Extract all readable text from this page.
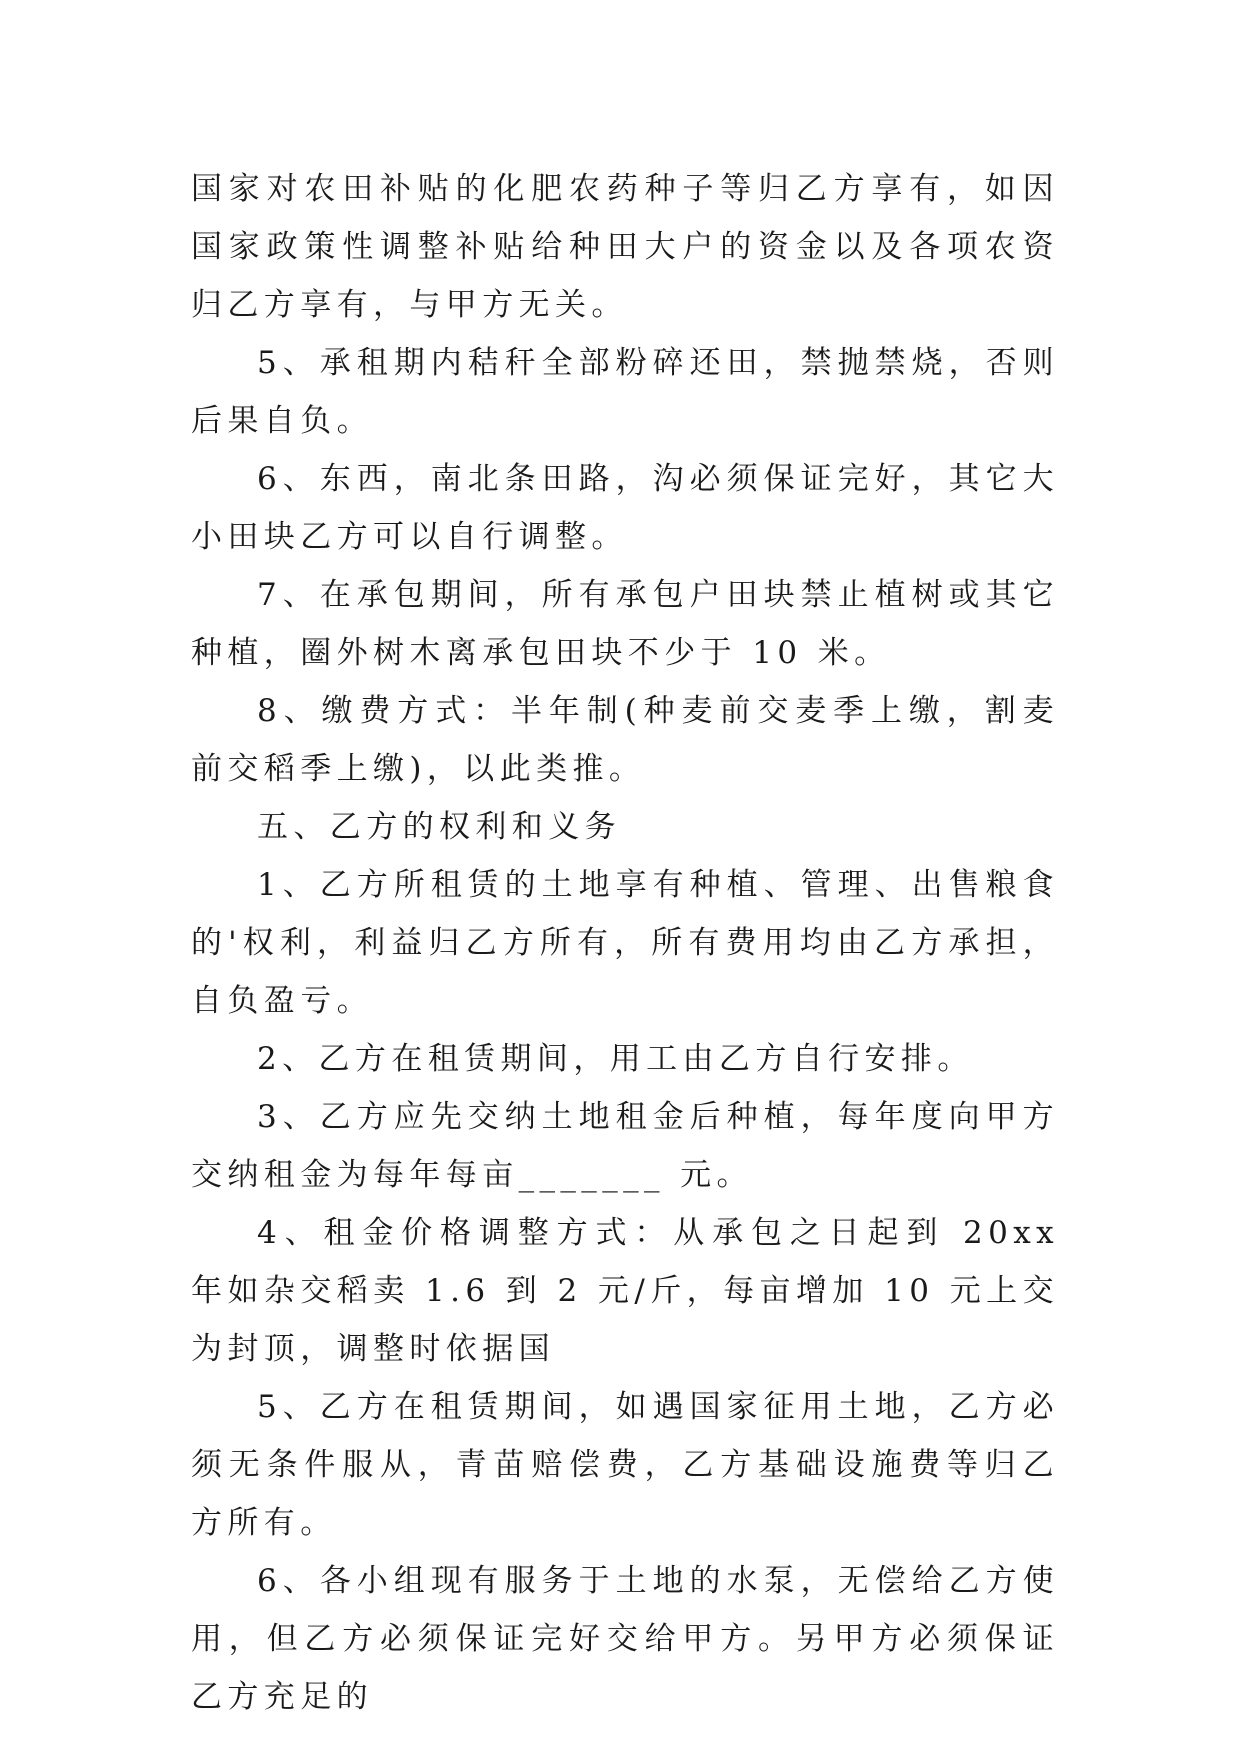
国家对农田补贴的化肥农药种子等归乙方享有，如因国家政策性调整补贴给种田大户的资金以及各项农资归乙方享有，与甲方无关。

5、承租期内秸秆全部粉碎还田，禁抛禁烧，否则后果自负。

6、东西，南北条田路，沟必须保证完好，其它大小田块乙方可以自行调整。

7、在承包期间，所有承包户田块禁止植树或其它种植，圈外树木离承包田块不少于 10 米。

8、缴费方式：半年制(种麦前交麦季上缴，割麦前交稻季上缴)，以此类推。

五、乙方的权利和义务

1、乙方所租赁的土地享有种植、管理、出售粮食的'权利，利益归乙方所有，所有费用均由乙方承担，自负盈亏。

2、乙方在租赁期间，用工由乙方自行安排。

3、乙方应先交纳土地租金后种植，每年度向甲方交纳租金为每年每亩_______ 元。

4、租金价格调整方式：从承包之日起到 20xx 年如杂交稻卖 1.6 到 2 元/斤，每亩增加 10 元上交为封顶，调整时依据国

5、乙方在租赁期间，如遇国家征用土地，乙方必须无条件服从，青苗赔偿费，乙方基础设施费等归乙方所有。

6、各小组现有服务于土地的水泵，无偿给乙方使用，但乙方必须保证完好交给甲方。另甲方必须保证乙方充足的
